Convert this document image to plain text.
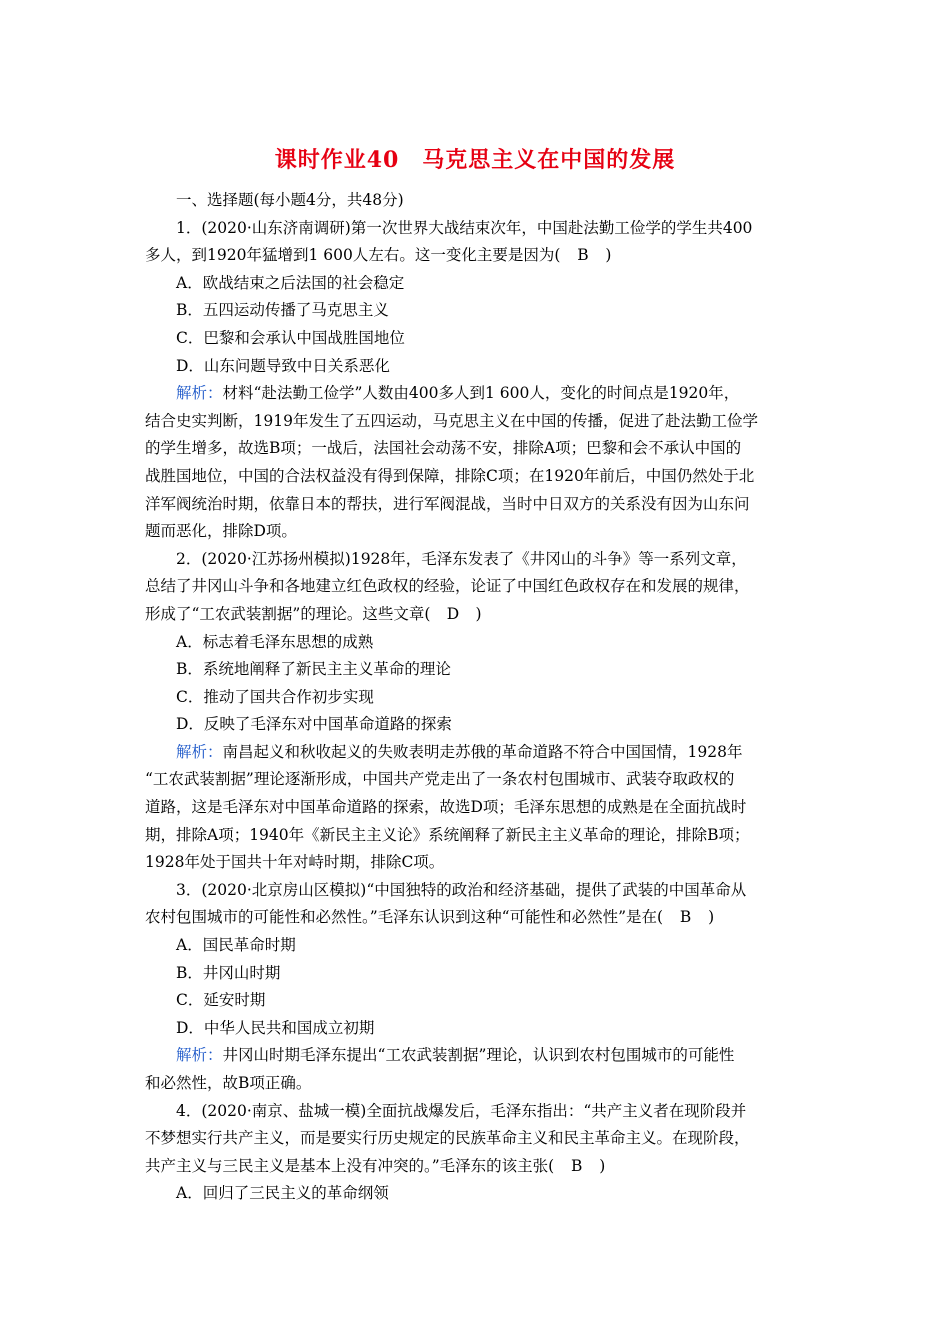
课时作业40　马克思主义在中国的发展
一、选择题(每小题4分，共48分)
1．(2020·山东济南调研)第一次世界大战结束次年，中国赴法勤工俭学的学生共400
多人，到1920年猛增到1 600人左右。这一变化主要是因为(　 B　 )
A．欧战结束之后法国的社会稳定
B．五四运动传播了马克思主义
C．巴黎和会承认中国战胜国地位
D．山东问题导致中日关系恶化
解析：材料“赴法勤工俭学”人数由400多人到1 600人，变化的时间点是1920年，
结合史实判断，1919年发生了五四运动，马克思主义在中国的传播，促进了赴法勤工俭学
的学生增多，故选B项；一战后，法国社会动荡不安，排除A项；巴黎和会不承认中国的
战胜国地位，中国的合法权益没有得到保障，排除C项；在1920年前后，中国仍然处于北
洋军阀统治时期，依靠日本的帮扶，进行军阀混战，当时中日双方的关系没有因为山东问
题而恶化，排除D项。
2．(2020·江苏扬州模拟)1928年，毛泽东发表了《井冈山的斗争》等一系列文章，
总结了井冈山斗争和各地建立红色政权的经验，论证了中国红色政权存在和发展的规律，
形成了“工农武装割据”的理论。这些文章(　 D　 )
A．标志着毛泽东思想的成熟
B．系统地阐释了新民主主义革命的理论
C．推动了国共合作初步实现
D．反映了毛泽东对中国革命道路的探索
解析：南昌起义和秋收起义的失败表明走苏俄的革命道路不符合中国国情，1928年
“工农武装割据”理论逐渐形成，中国共产党走出了一条农村包围城市、武装夺取政权的
道路，这是毛泽东对中国革命道路的探索，故选D项；毛泽东思想的成熟是在全面抗战时
期，排除A项；1940年《新民主主义论》系统阐释了新民主主义革命的理论，排除B项；
1928年处于国共十年对峙时期，排除C项。
3．(2020·北京房山区模拟)“中国独特的政治和经济基础，提供了武装的中国革命从
农村包围城市的可能性和必然性。”毛泽东认识到这种“可能性和必然性”是在(　 B　 )
A．国民革命时期
B．井冈山时期
C．延安时期
D．中华人民共和国成立初期
解析：井冈山时期毛泽东提出“工农武装割据”理论，认识到农村包围城市的可能性
和必然性，故B项正确。
4．(2020·南京、盐城一模)全面抗战爆发后，毛泽东指出：“共产主义者在现阶段并
不梦想实行共产主义，而是要实行历史规定的民族革命主义和民主革命主义。在现阶段，
共产主义与三民主义是基本上没有冲突的。”毛泽东的该主张(　 B　 )
A．回归了三民主义的革命纲领
